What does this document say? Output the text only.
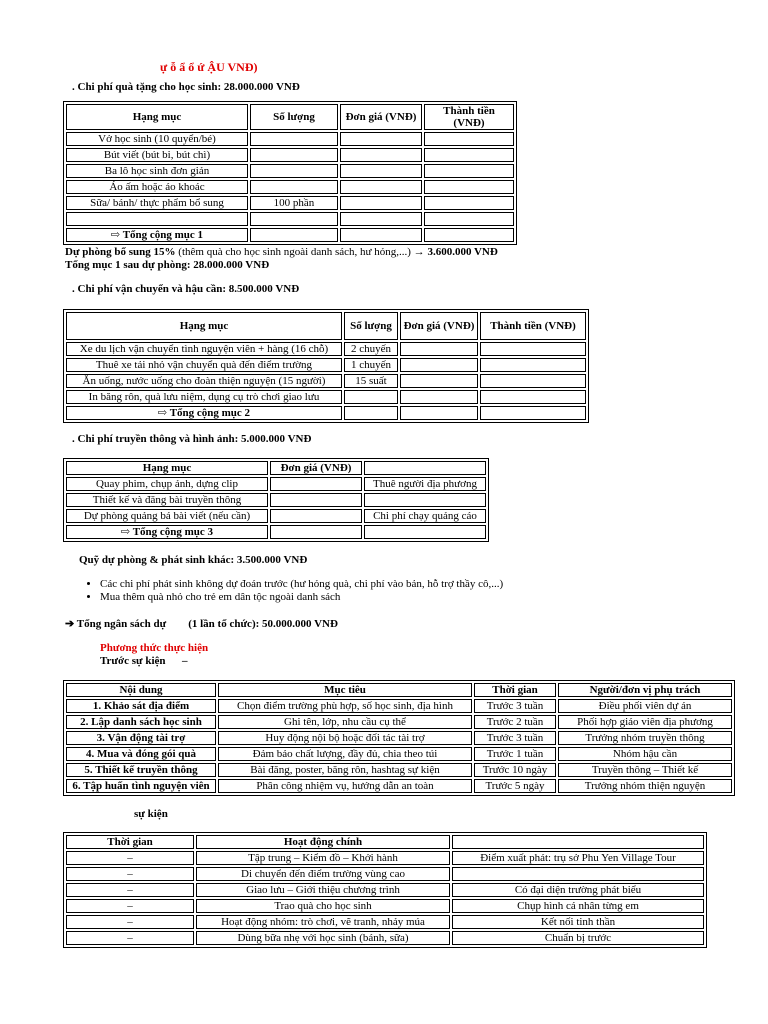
ự ỗ ẩ ổ ứ ẬU VNĐ)
. Chi phí quà tặng cho học sinh: 28.000.000 VNĐ
Hạng mục	Số lượng	Đơn giá (VNĐ)	Thành tiền (VNĐ)
Vở học sinh (10 quyển/bé)			
Bút viết (bút bi, bút chì)			
Ba lô học sinh đơn giản			
Áo ấm hoặc áo khoác			
Sữa/ bánh/ thực phẩm bổ sung	100 phần		

⇨ Tổng cộng mục 1			
Dự phòng bổ sung 15% (thêm quà cho học sinh ngoài danh sách, hư hỏng,...) → 3.600.000 VNĐ
Tổng mục 1 sau dự phòng: 28.000.000 VNĐ
. Chi phí vận chuyển và hậu cần: 8.500.000 VNĐ
Hạng mục	Số lượng	Đơn giá (VNĐ)	Thành tiền (VNĐ)
Xe du lịch vận chuyển tình nguyện viên + hàng (16 chỗ)	2 chuyến		
Thuê xe tải nhỏ vận chuyển quà đến điểm trường	1 chuyến		
Ăn uống, nước uống cho đoàn thiện nguyện (15 người)	15 suất		
In băng rôn, quà lưu niệm, dụng cụ trò chơi giao lưu			
⇨ Tổng cộng mục 2			
. Chi phí truyền thông và hình ảnh: 5.000.000 VNĐ
Hạng mục	Đơn giá (VNĐ)	
Quay phim, chụp ảnh, dựng clip		Thuê người địa phương
Thiết kế và đăng bài truyền thông		
Dự phòng quảng bá bài viết (nếu cần)		Chi phí chạy quảng cáo
⇨ Tổng cộng mục 3		
Quỹ dự phòng & phát sinh khác: 3.500.000 VNĐ
• Các chi phí phát sinh không dự đoán trước (hư hỏng quà, chi phí vào bản, hỗ trợ thầy cô,...)
• Mua thêm quà nhỏ cho trẻ em dân tộc ngoài danh sách
➔ Tổng ngân sách dự        (1 lần tổ chức): 50.000.000 VNĐ
Phương thức thực hiện
Trước sự kiện      –
Nội dung	Mục tiêu	Thời gian	Người/đơn vị phụ trách
1. Khảo sát địa điểm	Chọn điểm trường phù hợp, số học sinh, địa hình	Trước 3 tuần	Điều phối viên dự án
2. Lập danh sách học sinh	Ghi tên, lớp, nhu cầu cụ thể	Trước 2 tuần	Phối hợp giáo viên địa phương
3. Vận động tài trợ	Huy động nội bộ hoặc đối tác tài trợ	Trước 3 tuần	Trưởng nhóm truyền thông
4. Mua và đóng gói quà	Đảm bảo chất lượng, đầy đủ, chia theo túi	Trước 1 tuần	Nhóm hậu cần
5. Thiết kế truyền thông	Bài đăng, poster, băng rôn, hashtag sự kiện	Trước 10 ngày	Truyền thông – Thiết kế
6. Tập huấn tình nguyện viên	Phân công nhiệm vụ, hướng dẫn an toàn	Trước 5 ngày	Trưởng nhóm thiện nguyện
sự kiện
Thời gian	Hoạt động chính	
–	Tập trung – Kiểm đồ – Khởi hành	Điểm xuất phát: trụ sở Phu Yen Village Tour
–	Di chuyển đến điểm trường vùng cao	
–	Giao lưu – Giới thiệu chương trình	Có đại diện trường phát biểu
–	Trao quà cho học sinh	Chụp hình cá nhân từng em
–	Hoạt động nhóm: trò chơi, vẽ tranh, nhảy múa	Kết nối tinh thần
–	Dùng bữa nhẹ với học sinh (bánh, sữa)	Chuẩn bị trước
